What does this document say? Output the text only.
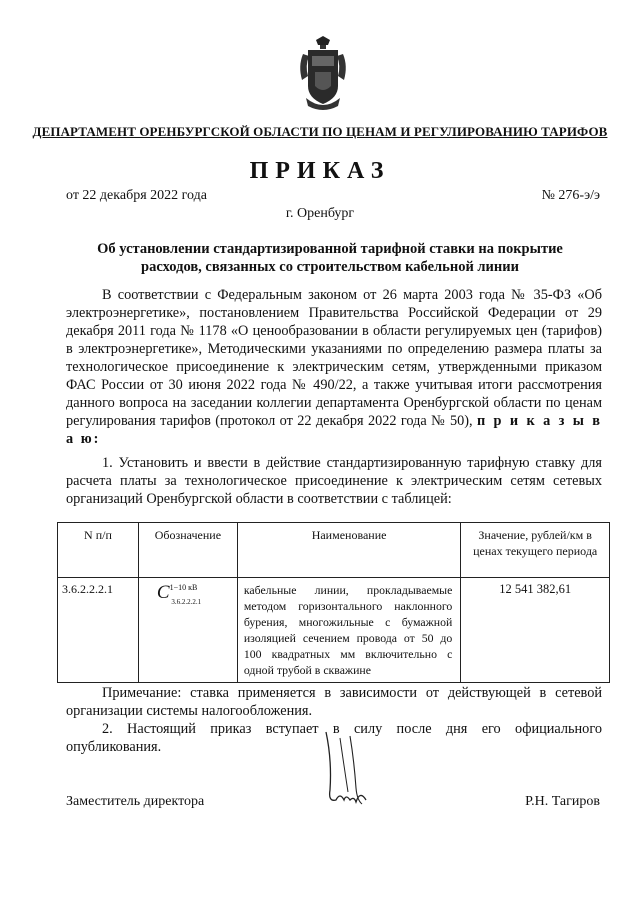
ДЕПАРТАМЕНТ ОРЕНБУРГСКОЙ ОБЛАСТИ ПО ЦЕНАМ И РЕГУЛИРОВАНИЮ ТАРИФОВ
ПРИКАЗ
от 22 декабря 2022 года	№ 276-э/э
г. Оренбург
Об установлении стандартизированной тарифной ставки на покрытие расходов, связанных со строительством кабельной линии
В соответствии с Федеральным законом от 26 марта 2003 года № 35-ФЗ «Об электроэнергетике», постановлением Правительства Российской Федерации от 29 декабря 2011 года № 1178 «О ценообразовании в области регулируемых цен (тарифов) в электроэнергетике», Методическими указаниями по определению размера платы за технологическое присоединение к электрическим сетям, утвержденными приказом ФАС России от 30 июня 2022 года № 490/22, а также учитывая итоги рассмотрения данного вопроса на заседании коллегии департамента Оренбургской области по ценам регулирования тарифов (протокол от 22 декабря 2022 года № 50), п р и к а з ы в а ю:
1. Установить и ввести в действие стандартизированную тарифную ставку для расчета платы за технологическое присоединение к электрическим сетям сетевых организаций Оренбургской области в соответствии с таблицей:
N п/п	Обозначение	Наименование	Значение, рублей/км в ценах текущего периода
3.6.2.2.2.1	$C^{1-10 кВ}_{3.6.2.2.2.1}$	кабельные линии, прокладываемые методом горизонтального наклонного бурения, многожильные с бумажной изоляцией сечением провода от 50 до 100 квадратных мм включительно с одной трубой в скважине	12 541 382,61
Примечание: ставка применяется в зависимости от действующей в сетевой организации системы налогообложения.
2. Настоящий приказ вступает в силу после дня его официального опубликования.
Заместитель директора	Р.Н. Тагиров
